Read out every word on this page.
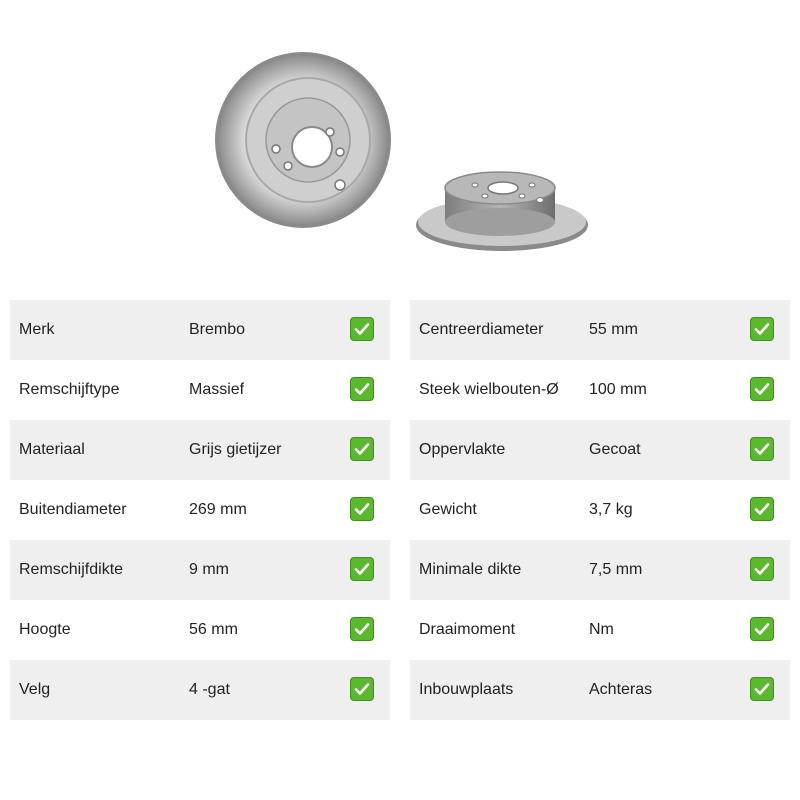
Merk	Brembo
Remschijftype	Massief
Materiaal	Grijs gietijzer
Buitendiameter	269 mm
Remschijfdikte	9 mm
Hoogte	56 mm
Velg	4 -gat
Centreerdiameter	55 mm
Steek wielbouten-Ø 100 mm
Oppervlakte	Gecoat
Gewicht	3,7 kg
Minimale dikte	7,5 mm
Draaimoment	Nm
Inbouwplaats	Achteras
